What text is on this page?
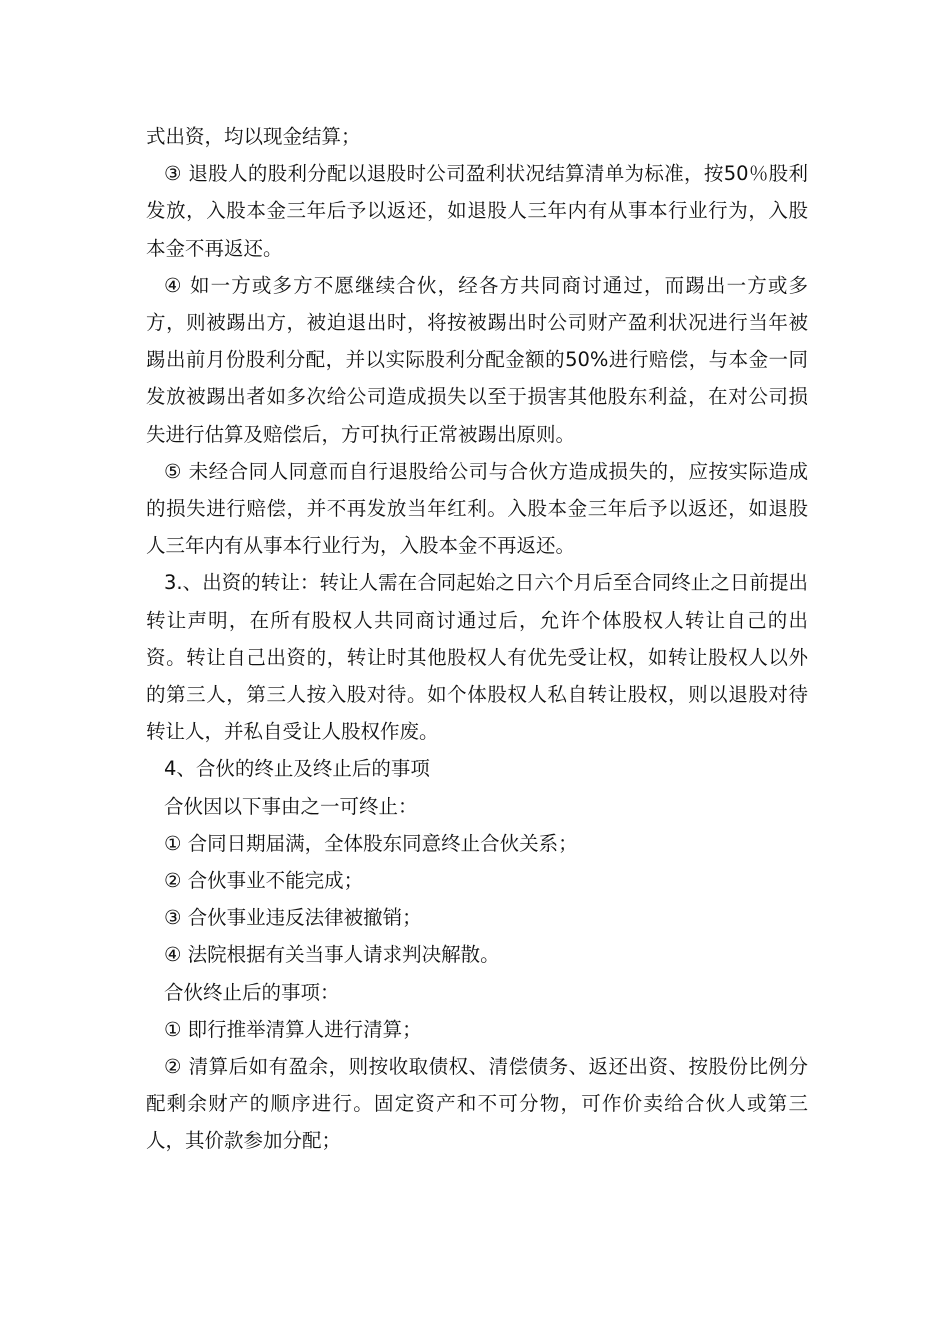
式出资，均以现金结算；

③ 退股人的股利分配以退股时公司盈利状况结算清单为标准，按50％股利发放，入股本金三年后予以返还，如退股人三年内有从事本行业行为，入股本金不再返还。

④ 如一方或多方不愿继续合伙，经各方共同商讨通过，而踢出一方或多方，则被踢出方，被迫退出时，将按被踢出时公司财产盈利状况进行当年被踢出前月份股利分配，并以实际股利分配金额的50%进行赔偿，与本金一同发放被踢出者如多次给公司造成损失以至于损害其他股东利益，在对公司损失进行估算及赔偿后，方可执行正常被踢出原则。

⑤ 未经合同人同意而自行退股给公司与合伙方造成损失的，应按实际造成的损失进行赔偿，并不再发放当年红利。入股本金三年后予以返还，如退股人三年内有从事本行业行为，入股本金不再返还。

3.、出资的转让：转让人需在合同起始之日六个月后至合同终止之日前提出转让声明，在所有股权人共同商讨通过后，允许个体股权人转让自己的出资。转让自己出资的，转让时其他股权人有优先受让权，如转让股权人以外的第三人，第三人按入股对待。如个体股权人私自转让股权，则以退股对待转让人，并私自受让人股权作废。

4、合伙的终止及终止后的事项

合伙因以下事由之一可终止：

① 合同日期届满，全体股东同意终止合伙关系；

② 合伙事业不能完成；

③ 合伙事业违反法律被撤销；

④ 法院根据有关当事人请求判决解散。

合伙终止后的事项：

① 即行推举清算人进行清算；

② 清算后如有盈余，则按收取债权、清偿债务、返还出资、按股份比例分配剩余财产的顺序进行。固定资产和不可分物，可作价卖给合伙人或第三人，其价款参加分配；
